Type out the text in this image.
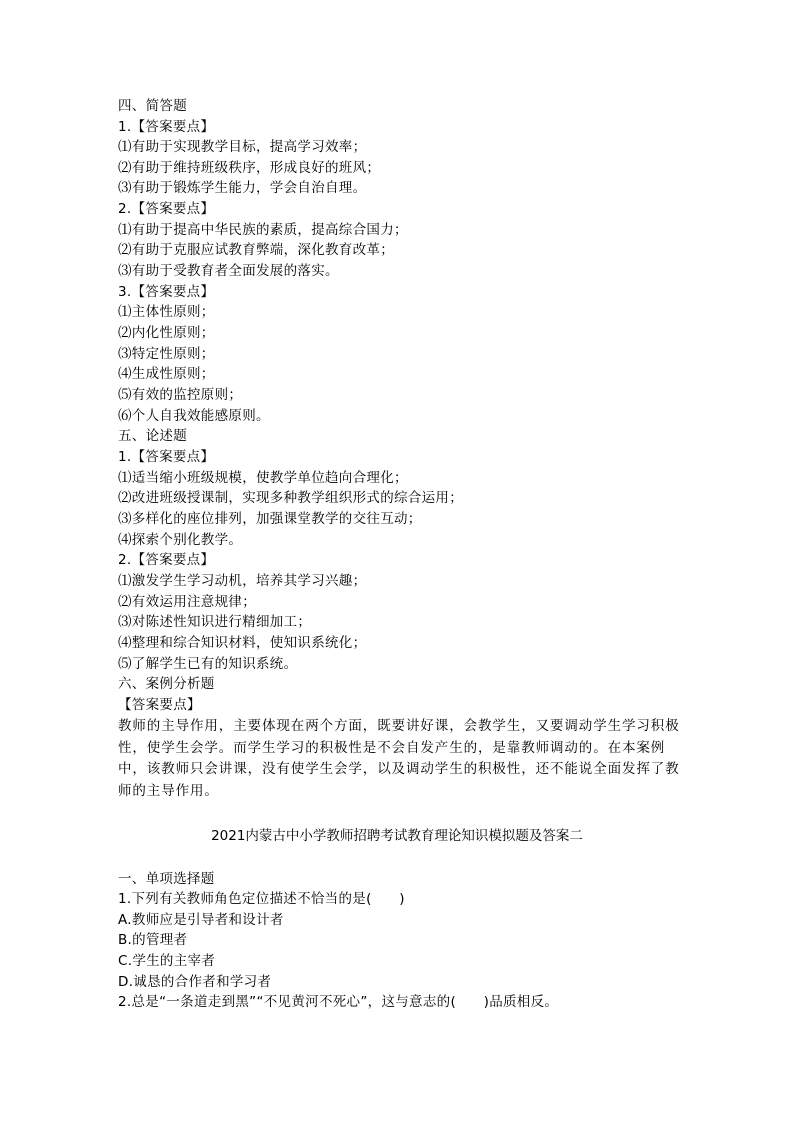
四、简答题
1.【答案要点】
⑴有助于实现教学目标，提高学习效率；
⑵有助于维持班级秩序，形成良好的班风；
⑶有助于锻炼学生能力，学会自治自理。
2.【答案要点】
⑴有助于提高中华民族的素质，提高综合国力；
⑵有助于克服应试教育弊端，深化教育改革；
⑶有助于受教育者全面发展的落实。
3.【答案要点】
⑴主体性原则；
⑵内化性原则；
⑶特定性原则；
⑷生成性原则；
⑸有效的监控原则；
⑹个人自我效能感原则。
五、论述题
1.【答案要点】
⑴适当缩小班级规模，使教学单位趋向合理化；
⑵改进班级授课制，实现多种教学组织形式的综合运用；
⑶多样化的座位排列，加强课堂教学的交往互动；
⑷探索个别化教学。
2.【答案要点】
⑴激发学生学习动机，培养其学习兴趣；
⑵有效运用注意规律；
⑶对陈述性知识进行精细加工；
⑷整理和综合知识材料，使知识系统化；
⑸了解学生已有的知识系统。
六、案例分析题
【答案要点】
教师的主导作用，主要体现在两个方面，既要讲好课，会教学生，又要调动学生学习积极性，使学生会学。而学生学习的积极性是不会自发产生的，是靠教师调动的。在本案例中，该教师只会讲课，没有使学生会学，以及调动学生的积极性，还不能说全面发挥了教师的主导作用。
2021内蒙古中小学教师招聘考试教育理论知识模拟题及答案二
一、单项选择题
1.下列有关教师角色定位描述不恰当的是(　　)
A.教师应是引导者和设计者
B.的管理者
C.学生的主宰者
D.诚恳的合作者和学习者
2.总是“一条道走到黑”“不见黄河不死心”，这与意志的(　　)品质相反。
